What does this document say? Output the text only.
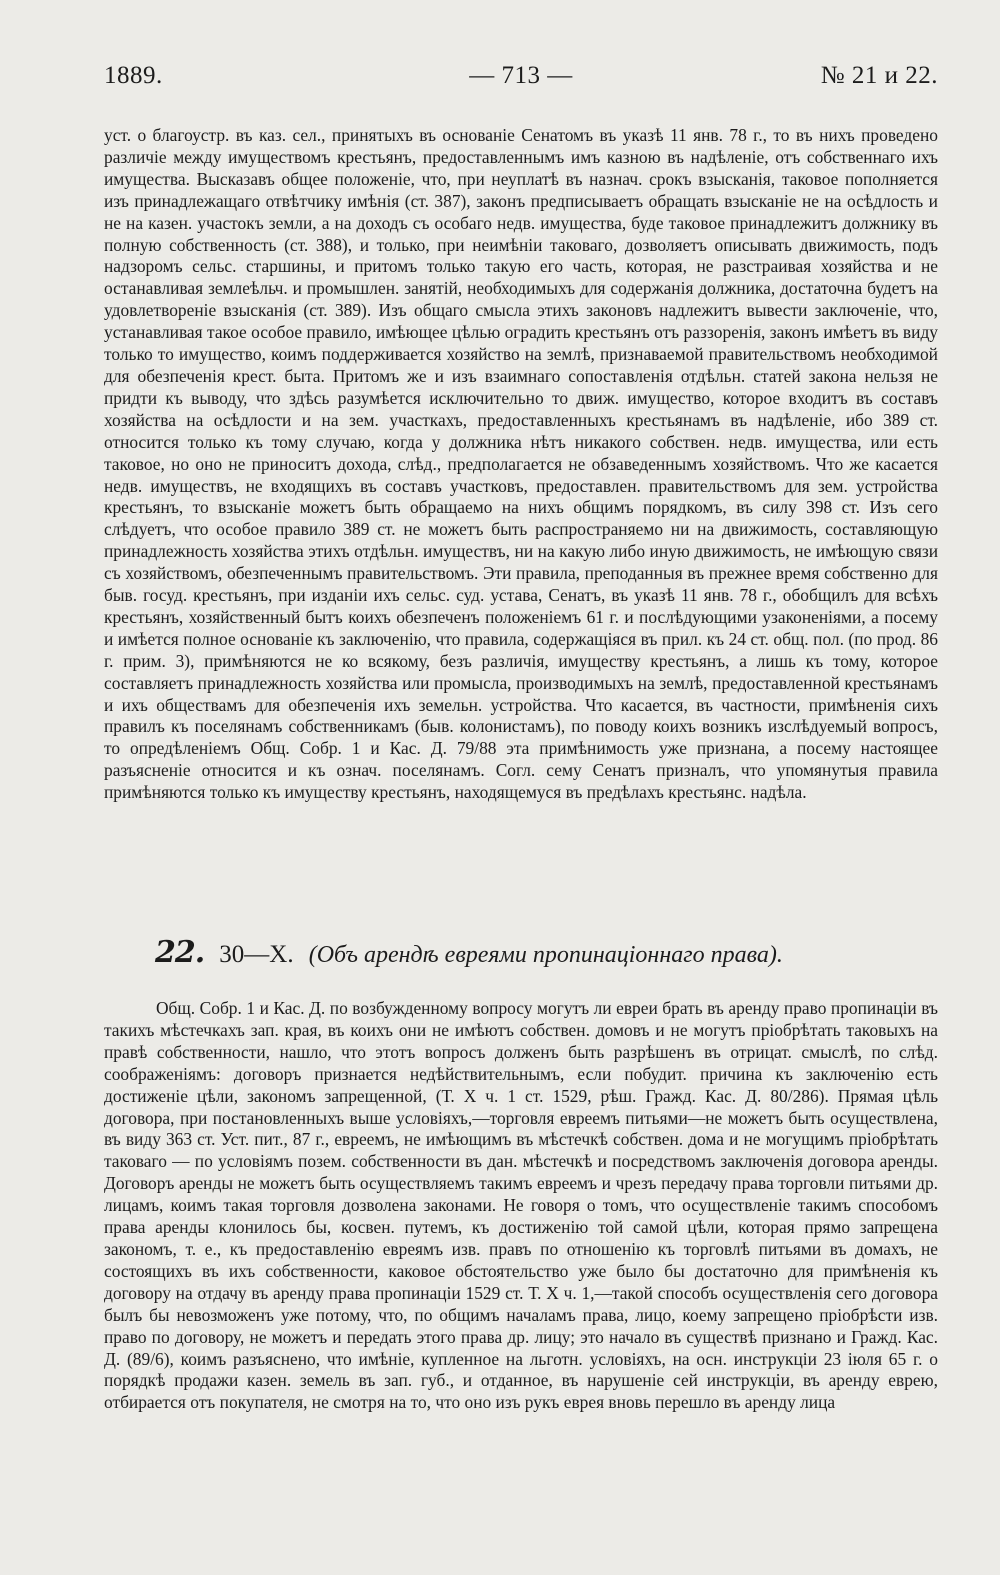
1889.	— 713 —	№ 21 и 22.

уст. о благоустр. въ каз. сел., принятыхъ въ основаніе Сенатомъ въ указѣ 11 янв. 78 г., то въ нихъ проведено различіе между имуществомъ крестьянъ, предоставленнымъ имъ казною въ надѣленіе, отъ собственнаго ихъ имущества. Высказавъ общее положеніе, что, при неуплатѣ въ назнач. срокъ взысканія, таковое пополняется изъ принадлежащаго отвѣтчику имѣнія (ст. 387), законъ предписываетъ обращать взысканіе не на осѣдлость и не на казен. участокъ земли, а на доходъ съ особаго недв. имущества, буде таковое принадлежитъ должнику въ полную собственность (ст. 388), и только, при неимѣніи таковаго, дозволяетъ описывать движимость, подъ надзоромъ сельс. старшины, и притомъ только такую его часть, которая, не разстраивая хозяйства и не останавливая землеѣльч. и промышлен. занятій, необходимыхъ для содержанія должника, достаточна будетъ на удовлетвореніе взысканія (ст. 389). Изъ общаго смысла этихъ законовъ надлежитъ вывести заключеніе, что, устанавливая такое особое правило, имѣющее цѣлью оградить крестьянъ отъ раззоренія, законъ имѣетъ въ виду только то имущество, коимъ поддерживается хозяйство на землѣ, признаваемой правительствомъ необходимой для обезпеченія крест. быта. Притомъ же и изъ взаимнаго сопоставленія отдѣльн. статей закона нельзя не придти къ выводу, что здѣсь разумѣется исключительно то движ. имущество, которое входитъ въ составъ хозяйства на осѣдлости и на зем. участкахъ, предоставленныхъ крестьянамъ въ надѣленіе, ибо 389 ст. относится только къ тому случаю, когда у должника нѣтъ никакого собствен. недв. имущества, или есть таковое, но оно не приноситъ дохода, слѣд., предполагается не обзаведеннымъ хозяйствомъ. Что же касается недв. имуществъ, не входящихъ въ составъ участковъ, предоставлен. правительствомъ для зем. устройства крестьянъ, то взысканіе можетъ быть обращаемо на нихъ общимъ порядкомъ, въ силу 398 ст. Изъ сего слѣдуетъ, что особое правило 389 ст. не можетъ быть распространяемо ни на движимость, составляющую принадлежность хозяйства этихъ отдѣльн. имуществъ, ни на какую либо иную движимость, не имѣющую связи съ хозяйствомъ, обезпеченнымъ правительствомъ. Эти правила, преподанныя въ прежнее время собственно для быв. госуд. крестьянъ, при изданіи ихъ сельс. суд. устава, Сенатъ, въ указѣ 11 янв. 78 г., обобщилъ для всѣхъ крестьянъ, хозяйственный бытъ коихъ обезпеченъ положеніемъ 61 г. и послѣдующими узаконеніями, а посему и имѣется полное основаніе къ заключенію, что правила, содержащіяся въ прил. къ 24 ст. общ. пол. (по прод. 86 г. прим. 3), примѣняются не ко всякому, безъ различія, имуществу крестьянъ, а лишь къ тому, которое составляетъ принадлежность хозяйства или промысла, производимыхъ на землѣ, предоставленной крестьянамъ и ихъ обществамъ для обезпеченія ихъ земельн. устройства. Что касается, въ частности, примѣненія сихъ правилъ къ поселянамъ собственникамъ (быв. колонистамъ), по поводу коихъ возникъ изслѣдуемый вопросъ, то опредѣленіемъ Общ. Собр. 1 и Кас. Д. 79/88 эта примѣнимость уже признана, а посему настоящее разъясненіе относится и къ означ. поселянамъ. Согл. сему Сенатъ призналъ, что упомянутыя правила примѣняются только къ имуществу крестьянъ, находящемуся въ предѣлахъ крестьянс. надѣла.

22. 30—X. (Объ арендѣ евреями пропинаціоннаго права).

Общ. Собр. 1 и Кас. Д. по возбужденному вопросу могутъ ли евреи брать въ аренду право пропинаціи въ такихъ мѣстечкахъ зап. края, въ коихъ они не имѣютъ собствен. домовъ и не могутъ пріобрѣтать таковыхъ на правѣ собственности, нашло, что этотъ вопросъ долженъ быть разрѣшенъ въ отрицат. смыслѣ, по слѣд. соображеніямъ: договоръ признается недѣйствительнымъ, если побудит. причина къ заключенію есть достиженіе цѣли, закономъ запрещенной, (Т. X ч. 1 ст. 1529, рѣш. Гражд. Кас. Д. 80/286). Прямая цѣль договора, при постановленныхъ выше условіяхъ,—торговля евреемъ питьями—не можетъ быть осуществлена, въ виду 363 ст. Уст. пит., 87 г., евреемъ, не имѣющимъ въ мѣстечкѣ собствен. дома и не могущимъ пріобрѣтать таковаго — по условіямъ позем. собственности въ дан. мѣстечкѣ и посредствомъ заключенія договора аренды. Договоръ аренды не можетъ быть осуществляемъ такимъ евреемъ и чрезъ передачу права торговли питьями др. лицамъ, коимъ такая торговля дозволена законами. Не говоря о томъ, что осуществленіе такимъ способомъ права аренды клонилось бы, косвен. путемъ, къ достиженію той самой цѣли, которая прямо запрещена закономъ, т. е., къ предоставленію евреямъ изв. правъ по отношенію къ торговлѣ питьями въ домахъ, не состоящихъ въ ихъ собственности, каковое обстоятельство уже было бы достаточно для примѣненія къ договору на отдачу въ аренду права пропинаціи 1529 ст. Т. X ч. 1,—такой способъ осуществленія сего договора былъ бы невозможенъ уже потому, что, по общимъ началамъ права, лицо, коему запрещено пріобрѣсти изв. право по договору, не можетъ и передать этого права др. лицу; это начало въ существѣ признано и Гражд. Кас. Д. (89/6), коимъ разъяснено, что имѣніе, купленное на льготн. условіяхъ, на осн. инструкціи 23 іюля 65 г. о порядкѣ продажи казен. земель въ зап. губ., и отданное, въ нарушеніе сей инструкціи, въ аренду еврею, отбирается отъ покупателя, не смотря на то, что оно изъ рукъ еврея вновь перешло въ аренду лица
